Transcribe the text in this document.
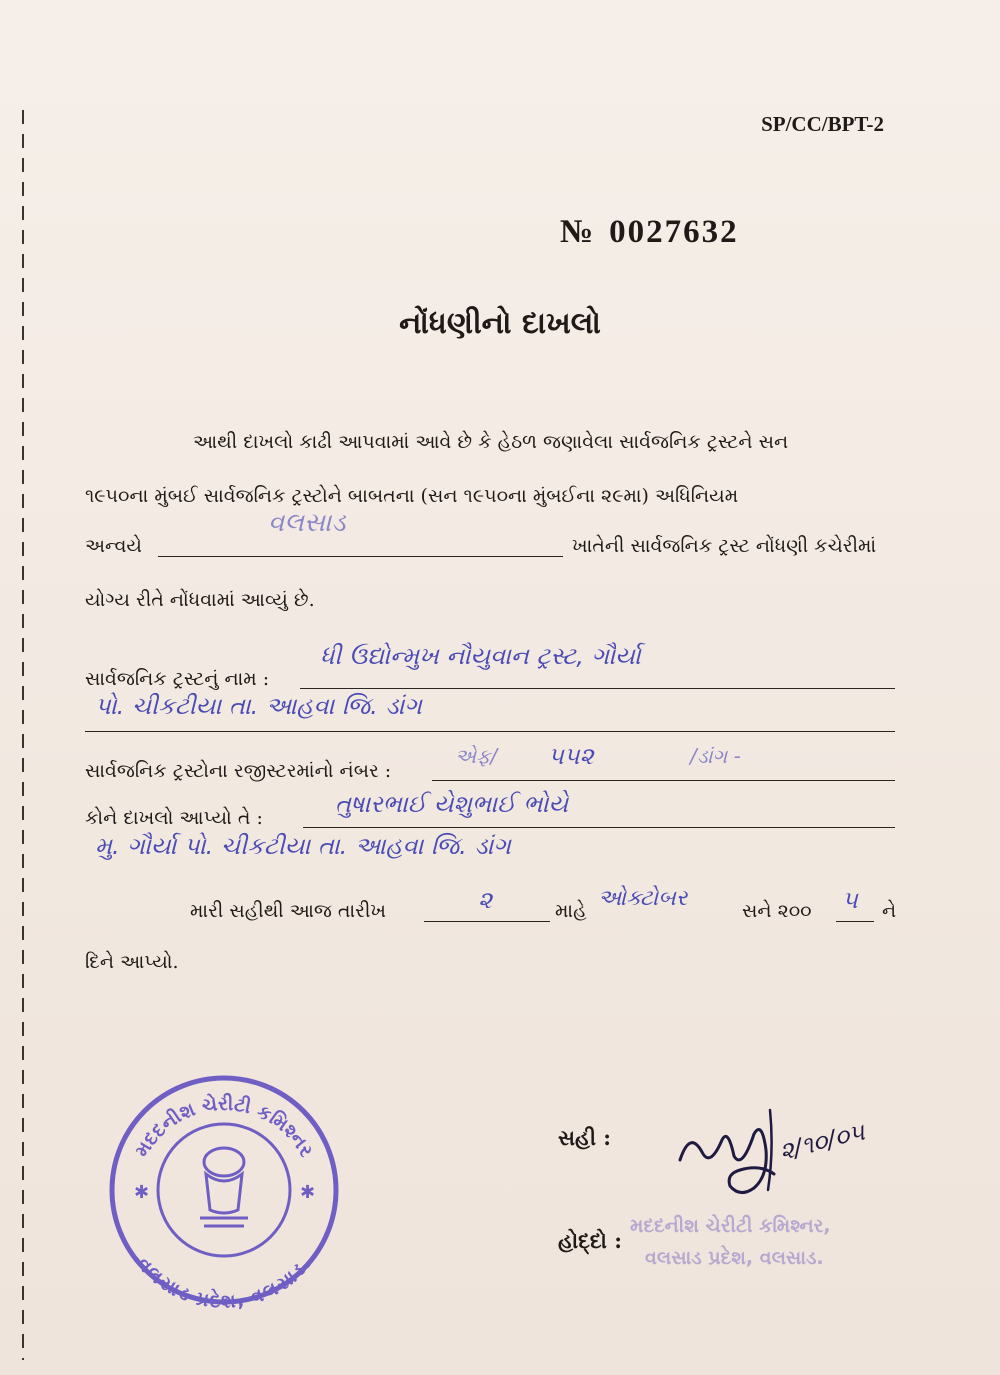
SP/CC/BPT-2
№ 0027632
નોંધણીનો દાખલો
આથી દાખલો કાઢી આપવામાં આવે છે કે હેઠળ જણાવેલા સાર્વજનિક ટ્રસ્ટને સન
૧૯૫૦ના મુંબઈ સાર્વજનિક ટ્રસ્ટોને બાબતના (સન ૧૯૫૦ના મુંબઈના ૨૯મા) અધિનિયમ
અન્વયે
વલસાડ
ખાતેની સાર્વજનિક ટ્રસ્ટ નોંધણી કચેરીમાં
યોગ્ય રીતે નોંધવામાં આવ્યું છે.
સાર્વજનિક ટ્રસ્ટનું નામ :
ધી ઉદ્યોન્મુખ નૌયુવાન ટ્રસ્ટ, ગૌર્યા
પો. ચીકટીયા તા. આહવા જિ. ડાંગ
સાર્વજનિક ટ્રસ્ટોના રજીસ્ટરમાંનો નંબર :
એફ/ ૫૫૨	/ડાંગ -
કોને દાખલો આપ્યો તે :	તુષારભાઈ યેશુભાઈ ભોયે
મુ. ગૌર્યા પો. ચીકટીયા તા. આહવા જિ. ડાંગ
મારી સહીથી આજ તારીખ	૨	માહે ઓક્ટોબર	સને ૨૦૦ ૫ ને
દિને આપ્યો.
મદદનીશ ચેરીટી કમિશ્નર
વલસાડ પ્રદેશ, વલસાડ.
✱	✱
સહી :	૨/૧૦/૦૫
હોદ્દો :
મદદનીશ ચેરીટી કમિશ્નર,
વલસાડ પ્રદેશ, વલસાડ.
